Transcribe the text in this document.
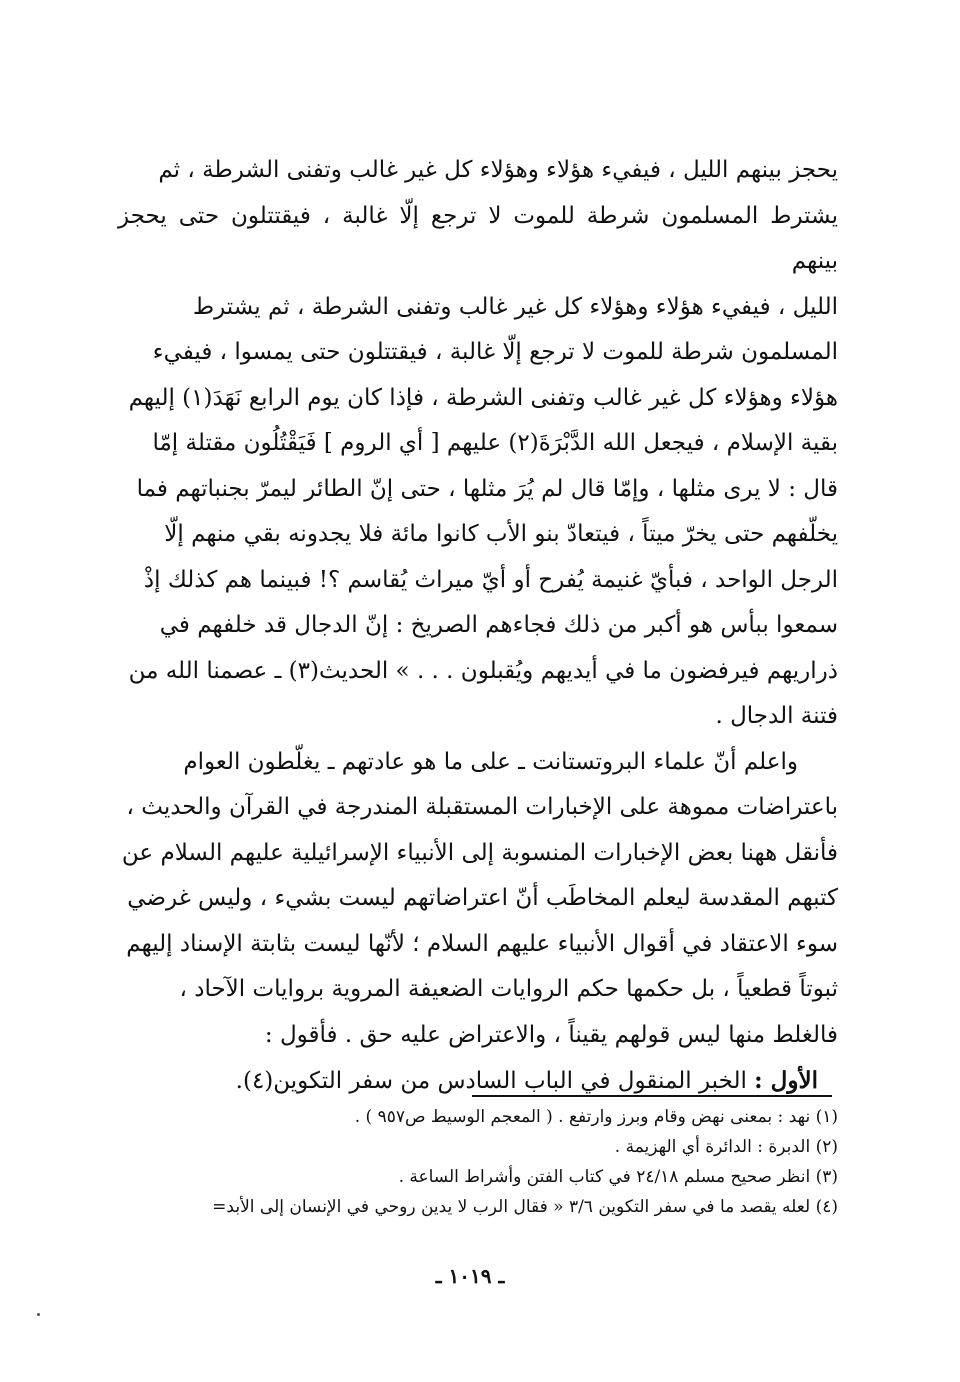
يحجز بينهم الليل ، فيفيء هؤلاء وهؤلاء كل غير غالب وتفنى الشرطة ، ثم
يشترط المسلمون شرطة للموت لا ترجع إلّا غالبة ، فيقتتلون حتى يحجز بينهم
الليل ، فيفيء هؤلاء وهؤلاء كل غير غالب وتفنى الشرطة ، ثم يشترط
المسلمون شرطة للموت لا ترجع إلّا غالبة ، فيقتتلون حتى يمسوا ، فيفيء
هؤلاء وهؤلاء كل غير غالب وتفنى الشرطة ، فإذا كان يوم الرابع نَهَدَ(١) إليهم
بقية الإسلام ، فيجعل الله الدَّبْرَةَ(٢) عليهم [ أي الروم ] فَيَقْتُلُون مقتلة إمّا
قال : لا يرى مثلها ، وإمّا قال لم يُرَ مثلها ، حتى إنّ الطائر ليمرّ بجنباتهم فما
يخلّفهم حتى يخرّ ميتاً ، فيتعادّ بنو الأب كانوا مائة فلا يجدونه بقي منهم إلّا
الرجل الواحد ، فبأيّ غنيمة يُفرح أو أيّ ميراث يُقاسم ؟! فبينما هم كذلك إذْ
سمعوا ببأس هو أكبر من ذلك فجاءهم الصريخ : إنّ الدجال قد خلفهم في
ذراريهم فيرفضون ما في أيديهم ويُقبلون . . . » الحديث(٣) ـ عصمنا الله من
فتنة الدجال .

واعلم أنّ علماء البروتستانت ـ على ما هو عادتهم ـ يغلّطون العوام
باعتراضات مموهة على الإخبارات المستقبلة المندرجة في القرآن والحديث ،
فأنقل ههنا بعض الإخبارات المنسوبة إلى الأنبياء الإسرائيلية عليهم السلام عن
كتبهم المقدسة ليعلم المخاطَب أنّ اعتراضاتهم ليست بشيء ، وليس غرضي
سوء الاعتقاد في أقوال الأنبياء عليهم السلام ؛ لأنّها ليست بثابتة الإسناد إليهم
ثبوتاً قطعياً ، بل حكمها حكم الروايات الضعيفة المروية بروايات الآحاد ،
فالغلط منها ليس قولهم يقيناً ، والاعتراض عليه حق . فأقول :

الأول : الخبر المنقول في الباب السادس من سفر التكوين(٤).

(١) نهد : بمعنى نهض وقام وبرز وارتفع . ( المعجم الوسيط ص٩٥٧ ) .

(٢) الدبرة : الدائرة أي الهزيمة .

(٣) انظر صحيح مسلم ٢٤/١٨ في كتاب الفتن وأشراط الساعة .

(٤) لعله يقصد ما في سفر التكوين ٣/٦ « فقال الرب لا يدين روحي في الإنسان إلى الأبد=

ـ ١٠١٩ ـ
